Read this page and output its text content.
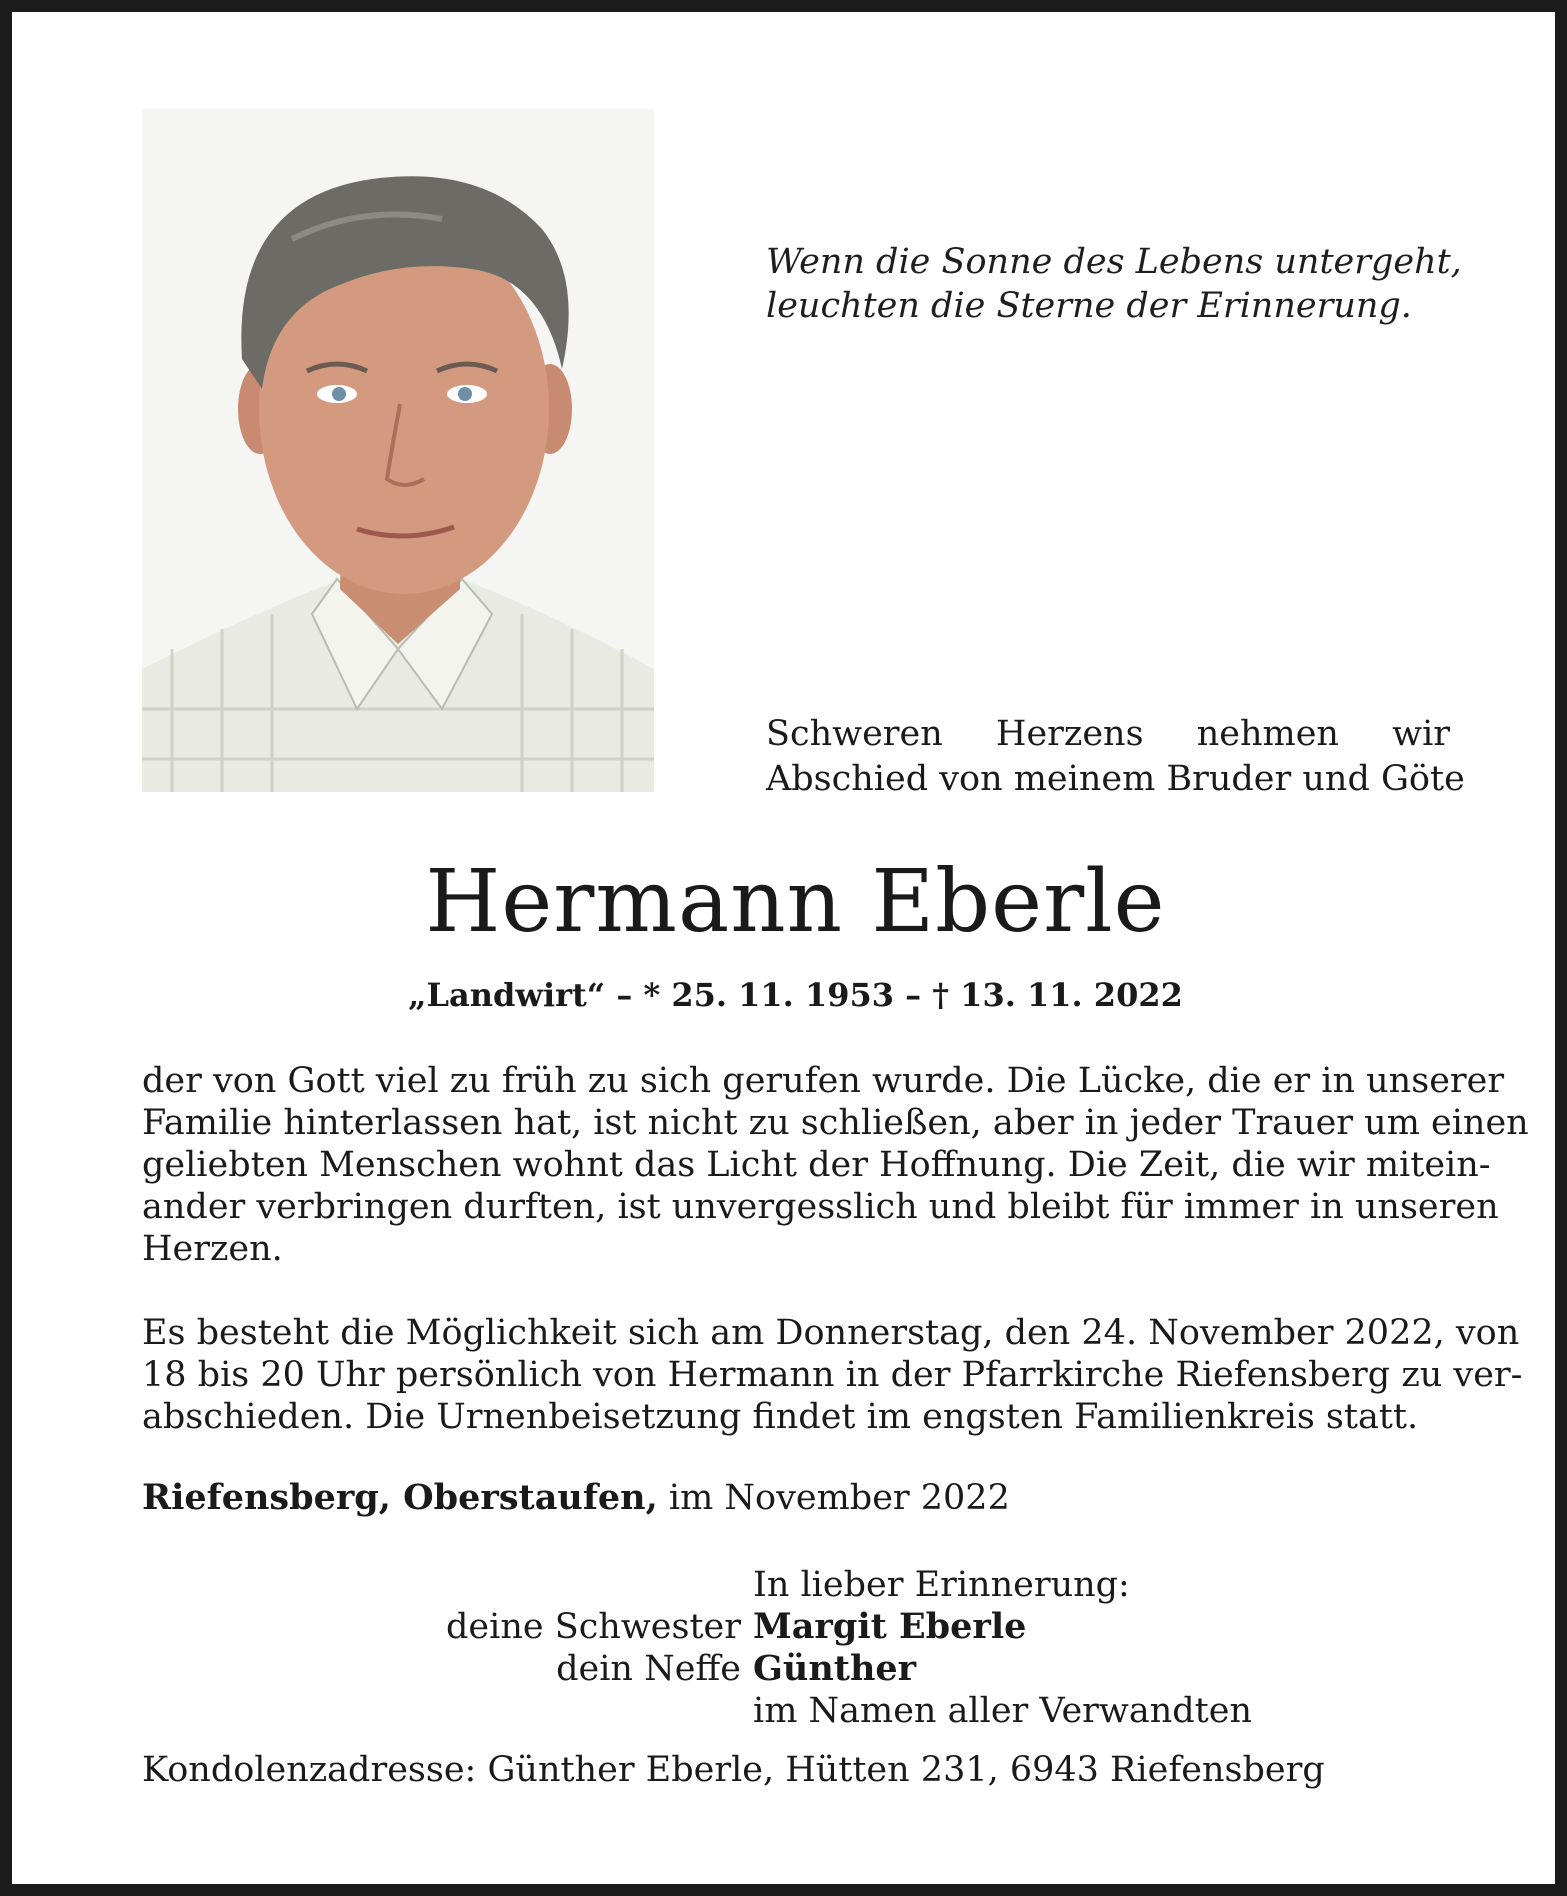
Wenn die Sonne des Lebens untergeht,
leuchten die Sterne der Erinnerung.
Schweren Herzens nehmen wir
Abschied von meinem Bruder und Göte
Hermann Eberle
„Landwirt“ – * 25. 11. 1953 – † 13. 11. 2022
der von Gott viel zu früh zu sich gerufen wurde. Die Lücke, die er in unserer
Familie hinterlassen hat, ist nicht zu schließen, aber in jeder Trauer um einen
geliebten Menschen wohnt das Licht der Hoffnung. Die Zeit, die wir mitein-
ander verbringen durften, ist unvergesslich und bleibt für immer in unseren
Herzen.
Es besteht die Möglichkeit sich am Donnerstag, den 24. November 2022, von
18 bis 20 Uhr persönlich von Hermann in der Pfarrkirche Riefensberg zu ver-
abschieden. Die Urnenbeisetzung findet im engsten Familienkreis statt.
Riefensberg, Oberstaufen, im November 2022
In lieber Erinnerung:
deine Schwester Margit Eberle
dein Neffe Günther
im Namen aller Verwandten
Kondolenzadresse: Günther Eberle, Hütten 231, 6943 Riefensberg
